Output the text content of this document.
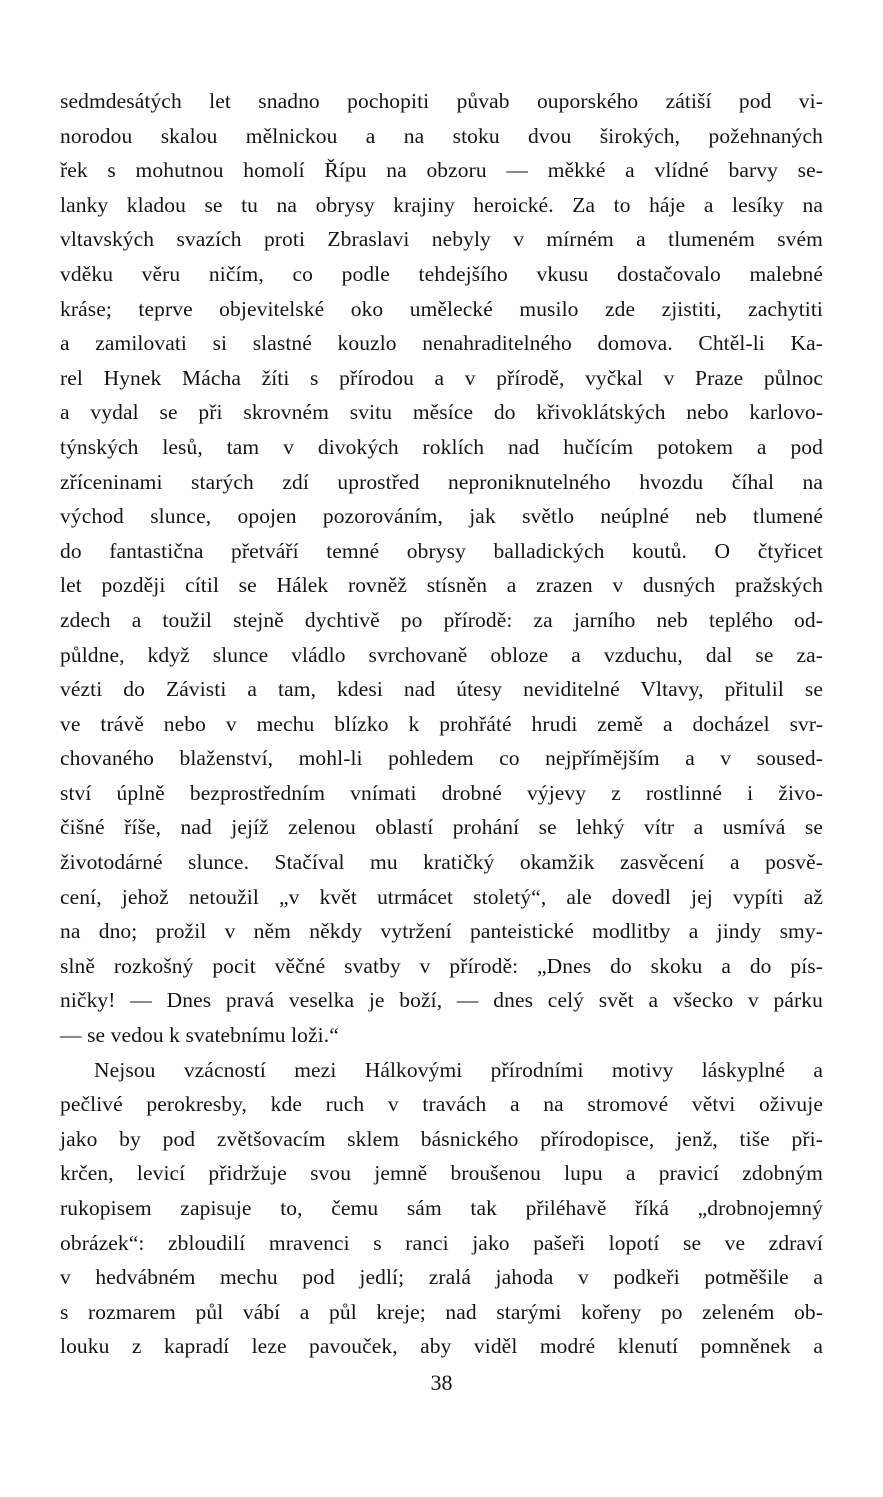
sedmdesátých let snadno pochopiti půvab ouporského zátiší pod vi-
norodou skalou mělnickou a na stoku dvou širokých, požehnaných
řek s mohutnou homolí Řípu na obzoru — měkké a vlídné barvy se-
lanky kladou se tu na obrysy krajiny heroické. Za to háje a lesíky na
vltavských svazích proti Zbraslavi nebyly v mírném a tlumeném svém
vděku věru ničím, co podle tehdejšího vkusu dostačovalo malebné
kráse; teprve objevitelské oko umělecké musilo zde zjistiti, zachytiti
a zamilovati si slastné kouzlo nenahraditelného domova. Chtěl-li Ka-
rel Hynek Mácha žíti s přírodou a v přírodě, vyčkal v Praze půlnoc
a vydal se při skrovném svitu měsíce do křivoklátských nebo karlovo-
týnských lesů, tam v divokých roklích nad hučícím potokem a pod
zříceninami starých zdí uprostřed neproniknutelného hvozdu číhal na
východ slunce, opojen pozorováním, jak světlo neúplné neb tlumené
do fantastična přetváří temné obrysy balladických koutů. O čtyřicet
let později cítil se Hálek rovněž stísněn a zrazen v dusných pražských
zdech a toužil stejně dychtivě po přírodě: za jarního neb teplého od-
půldne, když slunce vládlo svrchovaně obloze a vzduchu, dal se za-
vézti do Závisti a tam, kdesi nad útesy neviditelné Vltavy, přitulil se
ve trávě nebo v mechu blízko k prohřáté hrudi země a docházel svr-
chovaného blaženství, mohl-li pohledem co nejpřímějším a v soused-
ství úplně bezprostředním vnímati drobné výjevy z rostlinné i živo-
čišné říše, nad jejíž zelenou oblastí prohání se lehký vítr a usmívá se
životodárné slunce. Stačíval mu kratičký okamžik zasvěcení a posvě-
cení, jehož netoužil „v květ utrmácet stoletý“, ale dovedl jej vypíti až
na dno; prožil v něm někdy vytržení panteistické modlitby a jindy smy-
slně rozkošný pocit věčné svatby v přírodě: „Dnes do skoku a do pís-
ničky! — Dnes pravá veselka je boží, — dnes celý svět a všecko v párku
— se vedou k svatebnímu loži.“
Nejsou vzácností mezi Hálkovými přírodními motivy láskyplné a
pečlivé perokresby, kde ruch v travách a na stromové větvi oživuje
jako by pod zvětšovacím sklem básnického přírodopisce, jenž, tiše při-
krčen, levicí přidržuje svou jemně broušenou lupu a pravicí zdobným
rukopisem zapisuje to, čemu sám tak přiléhavě říká „drobnojemný
obrázek“: zbloudilí mravenci s ranci jako pašeři lopotí se ve zdraví
v hedvábném mechu pod jedlí; zralá jahoda v podkeři potměšile a
s rozmarem půl vábí a půl kreje; nad starými kořeny po zeleném ob-
louku z kapradí leze pavouček, aby viděl modré klenutí pomněnek a
38
